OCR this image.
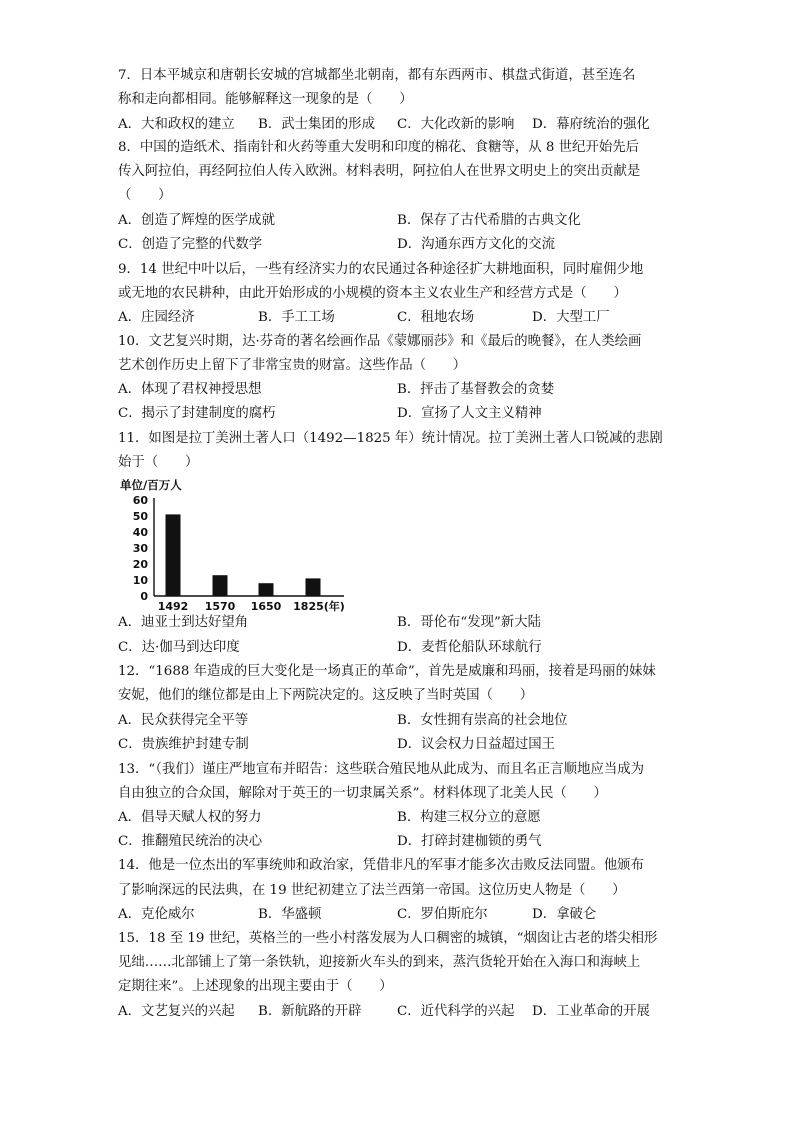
7．日本平城京和唐朝长安城的宫城都坐北朝南，都有东西两市、棋盘式街道，甚至连名
称和走向都相同。能够解释这一现象的是（　　）
A．大和政权的建立 B．武士集团的形成 C．大化改新的影响 D．幕府统治的强化
8．中国的造纸术、指南针和火药等重大发明和印度的棉花、食糖等，从 8 世纪开始先后
传入阿拉伯，再经阿拉伯人传入欧洲。材料表明，阿拉伯人在世界文明史上的突出贡献是
（　　）
A．创造了辉煌的医学成就	B．保存了古代希腊的古典文化
C．创造了完整的代数学	D．沟通东西方文化的交流
9．14 世纪中叶以后，一些有经济实力的农民通过各种途径扩大耕地面积，同时雇佣少地
或无地的农民耕种，由此开始形成的小规模的资本主义农业生产和经营方式是（　　）
A．庄园经济	B．手工工场	C．租地农场	D．大型工厂
10．文艺复兴时期，达·芬奇的著名绘画作品《蒙娜丽莎》和《最后的晚餐》，在人类绘画
艺术创作历史上留下了非常宝贵的财富。这些作品（　　）
A．体现了君权神授思想	B．抨击了基督教会的贪婪
C．揭示了封建制度的腐朽	D．宣扬了人文主义精神
11．如图是拉丁美洲土著人口（1492—1825 年）统计情况。拉丁美洲土著人口锐减的悲剧
始于（　　）
单位/百万人
0
10
20
30
40
50
60
1492 1570 1650 1825(年)
A．迪亚士到达好望角	B．哥伦布“发现”新大陆
C．达·伽马到达印度	D．麦哲伦船队环球航行
12．“1688 年造成的巨大变化是一场真正的革命”，首先是威廉和玛丽，接着是玛丽的妹妹
安妮，他们的继位都是由上下两院决定的。这反映了当时英国（　　）
A．民众获得完全平等	B．女性拥有崇高的社会地位
C．贵族维护封建专制	D．议会权力日益超过国王
13．“（我们）谨庄严地宣布并昭告：这些联合殖民地从此成为、而且名正言顺地应当成为
自由独立的合众国，解除对于英王的一切隶属关系”。材料体现了北美人民（　　）
A．倡导天赋人权的努力	B．构建三权分立的意愿
C．推翻殖民统治的决心	D．打碎封建枷锁的勇气
14．他是一位杰出的军事统帅和政治家，凭借非凡的军事才能多次击败反法同盟。他颁布
了影响深远的民法典，在 19 世纪初建立了法兰西第一帝国。这位历史人物是（　　）
A．克伦威尔	B．华盛顿	C．罗伯斯庇尔	D．拿破仑
15．18 至 19 世纪，英格兰的一些小村落发展为人口稠密的城镇，“烟囱让古老的塔尖相形
见绌……北部铺上了第一条铁轨，迎接新火车头的到来，蒸汽货轮开始在入海口和海峡上
定期往来”。上述现象的出现主要由于（　　）
A．文艺复兴的兴起 B．新航路的开辟	C．近代科学的兴起 D．工业革命的开展
